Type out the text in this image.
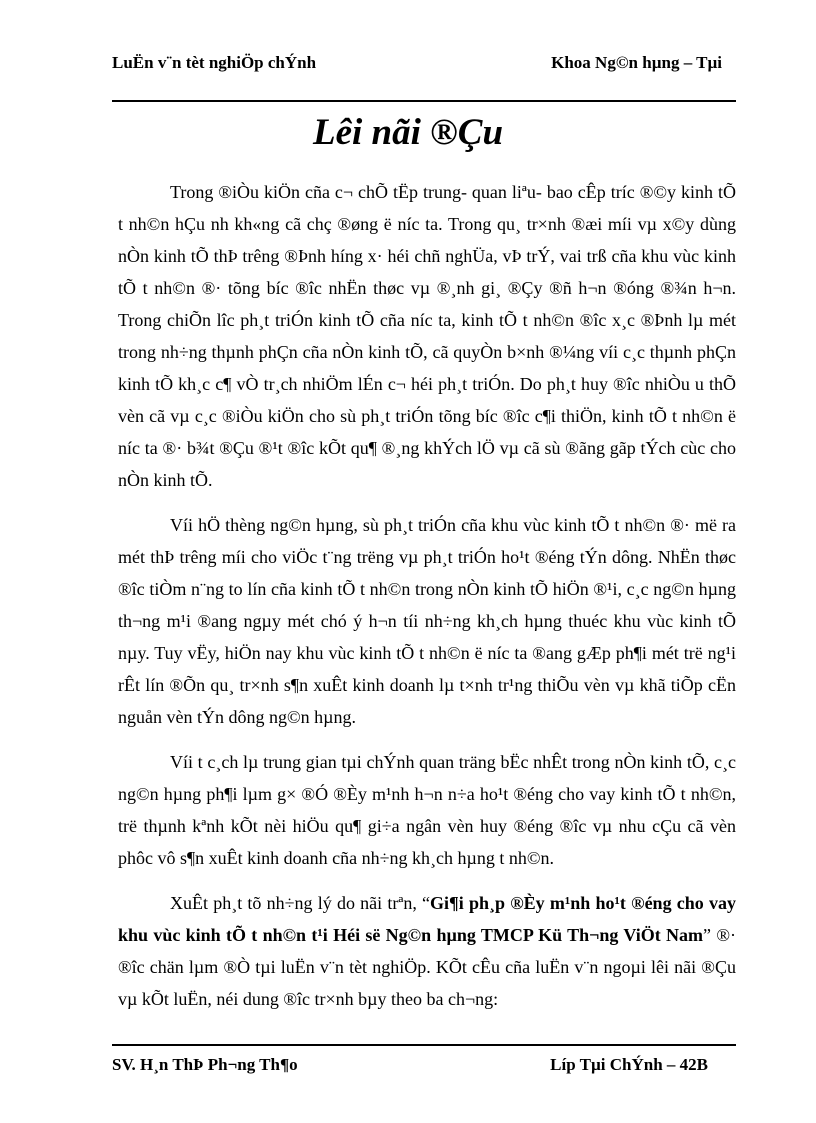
LuËn v¨n tèt nghiÖp chÝnh	Khoa Ng©n hµng – Tµi
Lêi nãi ®Çu

Trong ®iÒu kiÖn cña c¬ chÕ tËp trung- quan liªu- bao cÊp tríc ®©y kinh tÕ t nh©n hÇu nh kh«ng cã chç ®øng ë níc ta. Trong qu¸ tr×nh ®æi míi vµ x©y dùng nÒn kinh tÕ thÞ trêng ®Þnh híng x· héi chñ nghÜa, vÞ trÝ, vai trß cña khu vùc kinh tÕ t nh©n ®· tõng bíc ®îc nhËn thøc vµ ®¸nh gi¸ ®Çy ®ñ h¬n ®óng ®¾n h¬n. Trong chiÕn lîc ph¸t triÓn kinh tÕ cña níc ta, kinh tÕ t nh©n ®îc x¸c ®Þnh lµ mét trong nh÷ng thµnh phÇn cña nÒn kinh tÕ, cã quyÒn b×nh ®¼ng víi c¸c thµnh phÇn kinh tÕ kh¸c c¶ vÒ tr¸ch nhiÖm lÉn c¬ héi ph¸t triÓn. Do ph¸t huy ®îc nhiÒu u thÕ vèn cã vµ c¸c ®iÒu kiÖn cho sù ph¸t triÓn tõng bíc ®îc c¶i thiÖn, kinh tÕ t nh©n ë níc ta ®· b¾t ®Çu ®¹t ®îc kÕt qu¶ ®¸ng khÝch lÖ vµ cã sù ®ãng gãp tÝch cùc cho nÒn kinh tÕ.

Víi hÖ thèng ng©n hµng, sù ph¸t triÓn cña khu vùc kinh tÕ t nh©n ®· më ra mét thÞ trêng míi cho viÖc t¨ng trëng vµ ph¸t triÓn ho¹t ®éng tÝn dông. NhËn thøc ®îc tiÒm n¨ng to lín cña kinh tÕ t nh©n trong nÒn kinh tÕ hiÖn ®¹i, c¸c ng©n hµng th¬ng m¹i ®ang ngµy mét chó ý h¬n tíi nh÷ng kh¸ch hµng thuéc khu vùc kinh tÕ nµy. Tuy vËy, hiÖn nay khu vùc kinh tÕ t nh©n ë níc ta ®ang gÆp ph¶i mét trë ng¹i rÊt lín ®Õn qu¸ tr×nh s¶n xuÊt kinh doanh lµ t×nh tr¹ng thiÕu vèn vµ khã tiÕp cËn nguån vèn tÝn dông ng©n hµng.

Víi t c¸ch lµ trung gian tµi chÝnh quan träng bËc nhÊt trong nÒn kinh tÕ, c¸c ng©n hµng ph¶i lµm g× ®Ó ®Èy m¹nh h¬n n÷a ho¹t ®éng cho vay kinh tÕ t nh©n, trë thµnh kªnh kÕt nèi hiÖu qu¶ gi÷a ngân vèn huy ®éng ®îc vµ nhu cÇu cã vèn phôc vô s¶n xuÊt kinh doanh cña nh÷ng kh¸ch hµng t nh©n.

XuÊt ph¸t tõ nh÷ng lý do nãi trªn, “Gi¶i ph¸p ®Èy m¹nh ho¹t ®éng cho vay khu vùc kinh tÕ t nh©n t¹i Héi së Ng©n hµng TMCP Kü Th¬ng ViÖt Nam” ®· ®îc chän lµm ®Ò tµi luËn v¨n tèt nghiÖp. KÕt cÊu cña luËn v¨n ngoµi lêi nãi ®Çu vµ kÕt luËn, néi dung ®îc tr×nh bµy theo ba ch¬ng:

SV. H¸n ThÞ Ph¬ng Th¶o	Líp Tµi ChÝnh – 42B
